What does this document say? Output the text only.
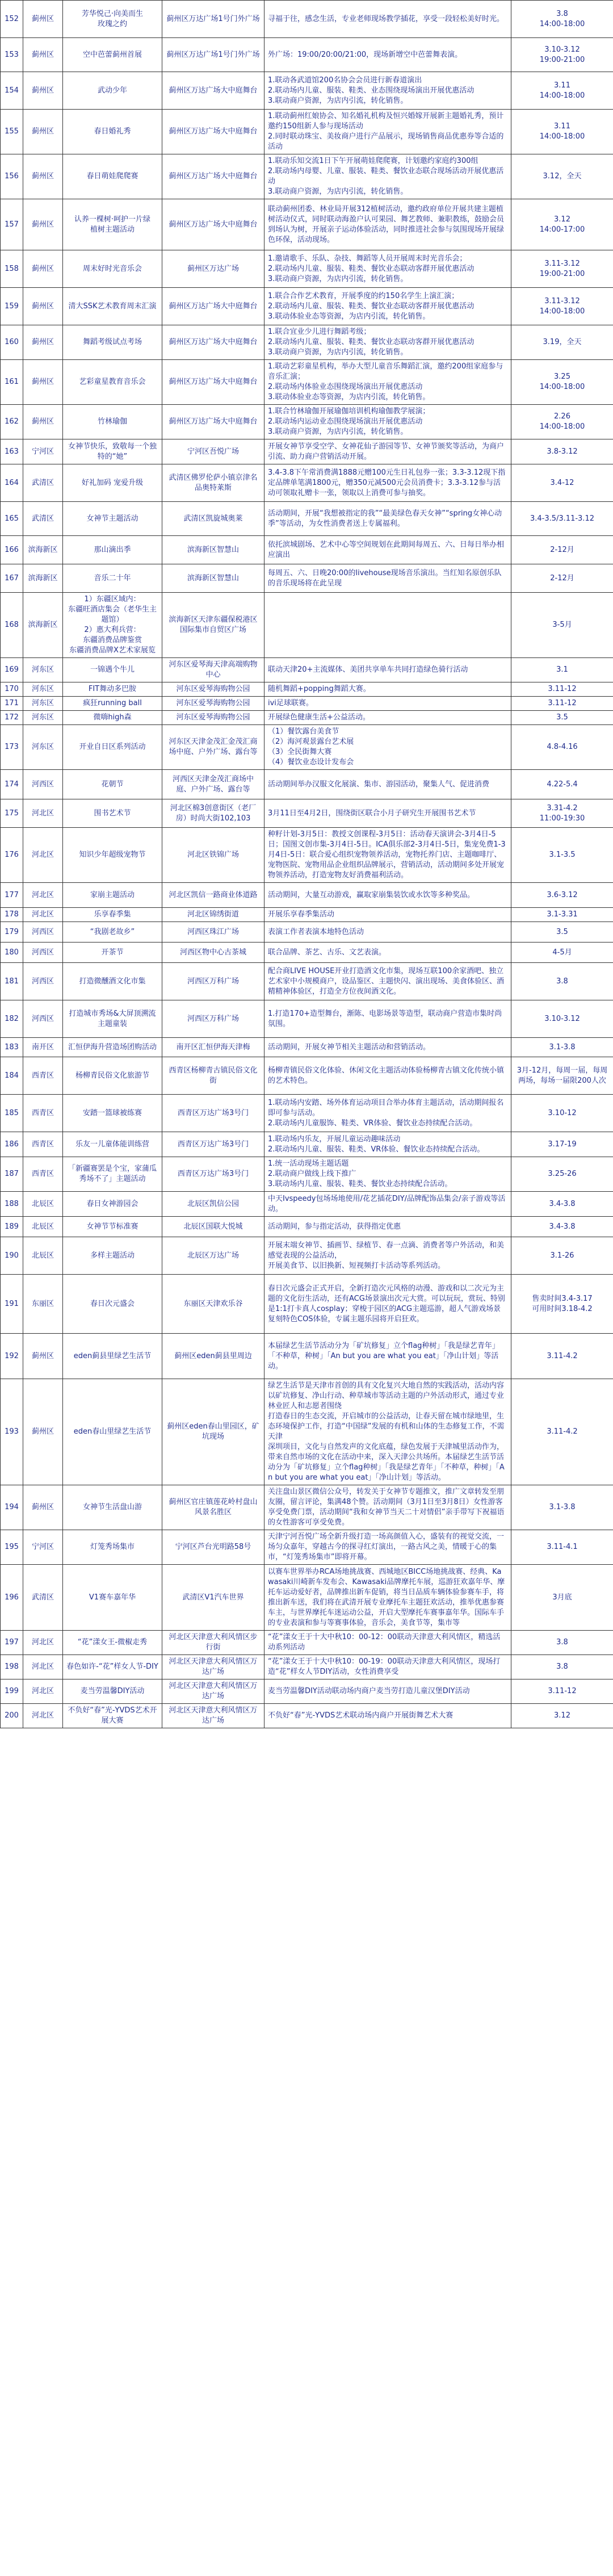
152	蓟州区	芳华悦己·向美而生
玫瑰之约	蓟州区万达广场1号门外广场	寻福于往，感念生活，专业老师现场教学插花，享受一段轻松美好时光。	3.8
14:00-18:00
153	蓟州区	空中芭蕾蓟州首展	蓟州区万达广场1号门外广场	外广场：19:00/20:00/21:00，现场新增空中芭蕾舞表演。	3.10-3.12
19:00-21:00
154	蓟州区	武动少年	蓟州区万达广场大中庭舞台	1.联动各武道馆200名协会会员进行新春道演出
2.联动场内儿童、服装、鞋类、业态围绕现场演出开展优惠活动
3.联动商户资源，为店内引流，转化销售。	3.11
14:00-18:00
155	蓟州区	春日婚礼秀	蓟州区万达广场大中庭舞台	1.联动蓟州红娘协会、知名婚礼机构及恒兴婚嫁开展新主题婚礼秀，预计邀约150组新人参与现场活动
2.同时联动珠宝、美妆商户进行产品展示，现场销售商品优惠券等合适的活动	3.11
14:00-18:00
156	蓟州区	春日萌娃爬爬赛	蓟州区万达广场大中庭舞台	1.联动乐知交流1日下午开展萌娃爬爬赛，计划邀约家庭约300组
2.联动场内母婴、儿童、服装、鞋类、餐饮业态联合现场活动开展优惠活动
3.联动商户资源，为店内引流，转化销售。	3.12，全天
157	蓟州区	认养一棵树·呵护一片绿
植树主题活动	蓟州区万达广场大中庭舞台	联动蓟州团委、林业局开展312植树活动，邀约政府单位开展共建主题植树活动仪式，同时联动海盈户认可果园、舞艺教师、兼职教练，鼓励会员到场认为树，开展亲子运动体验活动，同时推进社会参与氛围现场开展绿色环保，活动现场。	3.12
14:00-17:00
158	蓟州区	周末好时光音乐会	蓟州区万达广场	1.邀请歌手、乐队、杂技、舞蹈等人员开展周末时光音乐会；
2.联动场内儿童、服装、鞋类、餐饮业态联动客群开展优惠活动
3.联动商户资源，为店内引流，转化销售。	3.11-3.12
19:00-21:00
159	蓟州区	清大SSK艺术教育周末汇演	蓟州区万达广场大中庭舞台	1.联合合作艺术教育，开展季度的约150名学生上演汇演；
2.联动场内儿童、服装、鞋类、餐饮业态联动客群开展优惠活动
3.联动体验业态等资源，为店内引流，转化销售。	3.11-3.12
14:00-18:00
160	蓟州区	舞蹈考级试点考场	蓟州区万达广场大中庭舞台	1.联合宜业少儿进行舞蹈考级；
2.联动场内儿童、服装、鞋类、餐饮业态联动客群开展优惠活动
3.联动商户资源，为店内引流，转化销售。	3.19，全天
161	蓟州区	艺彩童星教育音乐会	蓟州区万达广场大中庭舞台	1.联动艺彩童星机构，举办大型儿童音乐舞蹈汇演，邀约200组家庭参与音乐汇演；
2.联动场内体验业态围绕现场演出开展优惠活动
3.联动体验业态等资源，为店内引流，转化销售。	3.25
14:00-18:00
162	蓟州区	竹林瑜伽	蓟州区万达广场大中庭舞台	1.联合竹林瑜伽开展瑜伽培训机构瑜伽教学展演；
2.联动场内运动业态围绕现场演出开展优惠活动
3.联动商户资源，为店内引流，转化销售。	2.26
14:00-18:00
163	宁河区	女神节快乐，致敬每一个独特的“她”	宁河区吾悦广场	开展女神节享受空学、女神花仙子游园等节、女神节颁奖等活动，为商户引流、助力商户营销活动开展。	3.8-3.12
164	武清区	好礼加码 宠爱升级	武清区佛罗伦萨小镇京津名品奥特莱斯	3.4-3.8下午常消费满1888元赠100元生日礼包券一张；3.3-3.12现下指定品牌单笔满1800元，赠350元减500元会员消费卡；3.3-3.12参与活动可领取礼赠卡一张，领取以上消费可参与抽奖。	3.4-12
165	武清区	女神节主题活动	武清区凯旋城奥莱	活动期间，开展“我想被指定的我”“最美绿色春天女神”“spring女神心动季”等活动，为女性消费者送上专属福利。	3.4-3.5/3.11-3.12
166	滨海新区	那山滴出季	滨海新区智慧山	依托滨城剧场、艺术中心等空间规划在此期间每周五、六、日每日举办相应演出	2-12月
167	滨海新区	音乐二十年	滨海新区智慧山	每周五、六、日晚20:00的livehouse现场音乐演出。当红知名原创乐队的音乐现场将在此呈现	2-12月
168	滨海新区	1）东疆区域内：
东疆旺酒店集会（老华生主题馆）
2）惠大利兵营：
东疆消费品牌鉴赏
东疆消费品牌X艺术家展览	滨海新区天津东疆保税港区国际集市自贸区广场		3-5月
169	河东区	一锦遇个牛儿	河东区爱琴海天津高端购物中心	联动天津20+主流媒体、美团共享单车共同打造绿色骑行活动	3.1
170	河东区	FIT舞动多巴胺	河东区爱琴海购物公园	随机舞蹈+popping舞蹈大赛。	3.11-12
171	河东区	疯狂running ball	河东区爱琴海购物公园	ivi足球联赛。	3.11-12
172	河东区	微嗨high森	河东区爱琴海购物公园	开展绿色健康生活+公益活动。	3.5
173	河东区	开业自日区系列活动	河东区天津金茂汇金茂汇商场中庭、户外广场、露台等	（1）餐饮露台美食节
（2）海河观景露台艺术展
（3）全民街舞大赛
（4）餐饮业态设计发布会	4.8-4.16
174	河西区	花朝节	河西区天津金茂汇商场中庭、户外广场、露台等	活动期间举办汉服文化展演、集市、游园活动，聚集人气、促进消费	4.22-5.4
175	河北区	围书艺术节	河北区棉3创意街区（老厂房）时尚大街102,103	3月11日至4月2日，围绕街区联合小月子研究生开展围书艺术节	3.31-4.2
11:00-19:30
176	河北区	知识少年超级宠物节	河北区铁锦广场	种籽计划-3月5日：教授文创课程-3月5日：活动春天演讲会-3月4日-5日；国图文创市集-3月4日-5日。ICA俱乐部2-3月4日-5日，集宠免费1-3月4日-5日：联合爱心组织宠物领养活动，宠物托养门店、主题咖啡厅、宠物医院、宠物用品企业组织品牌展示，营销活动，活动期间多处开展宠物领养活动，打造宠物友好消费福利活动。	3.1-3.5
177	河北区	家崩主题活动	河北区凯信一路商业体道路	活动期间，大量互动游戏，赢取家崩集装饮或水饮等多种奖品。	3.6-3.12
178	河北区	乐享春季集	河北区锦绣街道	开展乐享春季集活动	3.1-3.31
179	河西区	“我剧老故乡”	河西区珠江广场	表演工作者表演本地特色活动	3.5
180	河西区	开茶节	河西区物中心古茶城	联合品牌、茶艺、古乐、文艺表演。	4-5月
181	河西区	打造微醺酒文化市集	河西区万科广场	配合商LIVE HOUSE开业打造酒文化市集，现场互联100余家酒吧、独立艺术家中小规模商户，设品鉴区、主题快闪、演出现场、美食体验区、酒精精神体验区，打造全方位夜间酒文化。	3.8
182	河西区	打造城市秀场&大屏顶溯流主题童装	河西区万科广场	1.打造170+造型舞台，渐陈、电影场景等造型，联动商户营造市集时尚氛围。	3.10-3.12
183	南开区	汇恒伊海升营造场团购活动	南开区汇恒伊海天津梅	活动期间，开展女神节相关主题活动和营销活动。	3.1-3.8
184	西青区	杨柳青民俗文化旅游节	西青区杨柳青古镇民俗文化街	杨柳青镇民俗文化体验、休闲文化主题活动体验杨柳青古镇文化传统小镇的艺术特色。	3月-12月，每周一届，每周两场，每场一届限200人次
185	西青区	安踏一篮球被练赛	西青区万达广场3号门	1.联动场内安踏、场外体育运动项目合举办体育主题活动，活动期间报名即可参与活动。
2.联动场内儿童服饰、鞋类、VR体验、餐饮业态持续配合活动。	3.10-12
186	西青区	乐友一儿童体能训练营	西青区万达广场3号门	1.联动场内乐友，开展儿童运动趣味活动
2.联动场内儿童、服装、鞋类、VR体验、餐饮业态持续配合活动。	3.17-19
187	西青区	「新疆赛罢是个宝，家蒲瓜秀场不了」主题活动	西青区万达广场3号门	1.统一活动现场主题话题
2.联动商户做线上线下推广
3.联动场内儿童、服装、鞋类、餐饮业态持续配合活动。	3.25-26
188	北辰区	春日女神游园会	北辰区凯信公园	中天Ivspeedy包场场地使用/花艺插花DIY/品牌配饰品集会/亲子游戏等活动。	3.4-3.8
189	北辰区	女神节节标准赛	北辰区国联大悦城	活动期间，参与指定活动，获得指定优惠	3.4-3.8
190	北辰区	多样主题活动	北辰区万达广场	开展末端女神节、插画节、绿植节、春一点滴、消费者等户外活动，和美感觉表现的公益活动，
开展美食节、以旧换新、短视频打卡活动等系列活动。	3.1-26
191	东丽区	春日次元盛会	东丽区天津欢乐谷	春日次元盛会正式开启，全新打造次元风格的动漫、游戏和以二次元为主题的文化衍生活动，还有ACG场景演出次元大赏。可以玩玩，赏玩、特别是1:1打卡真人cosplay；穿梭于园区的ACG主题巡游，超人气游戏场景复刻特色COS体验，专属主题乐园将开启狂欢。	售卖时间3.4-3.17
可用时间3.18-4.2
192	蓟州区	eden蓟县里绿艺生活节	蓟州区eden蓟县里周边	本届绿艺生活节活动分为「矿坑修复」立个flag种树」「我是绿艺青年」「不种草，种树」「An but you are what you eat」「净山计划」等活动。	3.11-4.2
193	蓟州区	eden春山里绿艺生活节	蓟州区eden春山里园区，矿坑现场	绿艺生活节是天津市首创的具有文化复兴大地自然的实践活动，活动内容以矿坑修复、净山行动、种草城市等活动主题的户外活动形式，通过专业林业匠人和志愿者围绕
打造春日的生态交流，开启城市的公益活动，让春天留在城市绿地里，生态环境保护工作，打造“中国绿”发展的有机和山体的生态修复工作，不需天津
深圳项目，文化与自然发声的文化底蕴，绿色发展于天津城里活动作为，带来自然市场的文化在活动中来，深入天津公共场所。本届绿艺生活节活动分为「矿坑修复」立个flag种树」「我是绿艺青年」「不种草，种树」「An but you are what you eat」「净山计划」等活动。	3.11-4.2
194	蓟州区	女神节生活盘山游	蓟州区官庄镇莲花岭村盘山风景名胜区	关注盘山景区微信公众号，转发关于女神节专题推文，推广文章转发至朋友圈，留言评论，集满48个赞。活动期间（3月1日至3月8日）女性游客享受免费门票，活动期间“我和女神节当天二十对情侣”亲手带写下祝福语的女性游客可享受免费。	3.1-3.8
195	宁河区	灯笼秀场集市	宁河区芦台光明路58号	天津宁河吾悦广场全新升级打造一场高颜值入心，盛装有的视觉交流，一场匀众嘉年，穿越古今的探寻红灯演出，一路古风之美，情暖于心的集市，“灯笼秀场集市”即将开幕。	3.11-4.1
196	武清区	V1赛车嘉年华	武清区V1汽车世界	以赛车世界举办RCA场地挑战赛、西城地区BICC场地挑战赛、经典、Kawasaki川崎新车发布会、Kawasaki品牌摩托车展，巡游狂欢嘉年华、摩托车运动爱好者，品牌推出新车促销，将当日品质车辆体验参赛车手，将推出新车送，我们将在武清开展专业摩托车主题狂欢活动，推举优惠参赛车主，与世界摩托车迷运动公益，开启大型摩托车赛事嘉年华。国际车手的专业表演和参与等赛事体验，音乐会，美食节等，集市等	3月底
197	河北区	“花”漾女王-微椒走秀	河北区天津意大利风情区步行街	“花”漾女王于十大中秋10：00-12：00联动天津意大利风情区，精选活动系列活动	3.8
198	河北区	春色如许-“花”样女人节-DIY	河北区天津意大利风情区万达广场	“花”漾女王于十大中秋10：00-19：00联动天津意大利风情区，现场打造“花”样女人节DIY活动，女性消费享受	3.8
199	河北区	麦当劳温馨DIY活动	河北区天津意大利风情区万达广场	麦当劳温馨DIY活动联动场内商户麦当劳打造儿童汉堡DIY活动	3.11-12
200	河北区	不负好“春”光-YVDS艺术开展大赛	河北区天津意大利风情区万达广场	不负好“春”光-YVDS艺术联动场内商户开展街舞艺术大赛	3.12
